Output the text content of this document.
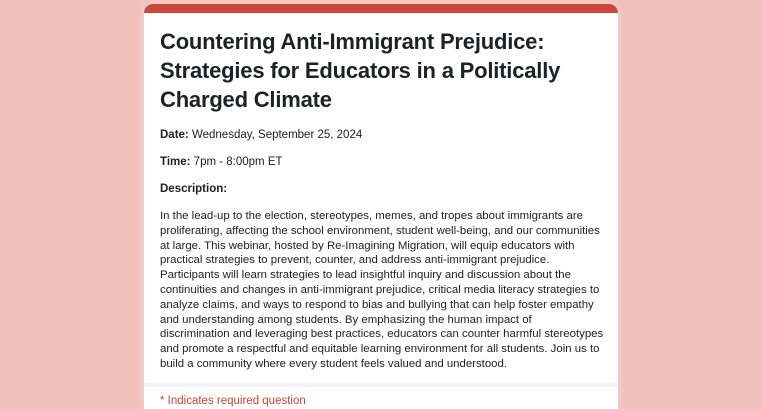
Countering Anti-Immigrant Prejudice: Strategies for Educators in a Politically Charged Climate

Date: Wednesday, September 25, 2024

Time: 7pm - 8:00pm ET

Description:

In the lead-up to the election, stereotypes, memes, and tropes about immigrants are proliferating, affecting the school environment, student well-being, and our communities at large. This webinar, hosted by Re-Imagining Migration, will equip educators with practical strategies to prevent, counter, and address anti-immigrant prejudice. Participants will learn strategies to lead insightful inquiry and discussion about the continuities and changes in anti-immigrant prejudice, critical media literacy strategies to analyze claims, and ways to respond to bias and bullying that can help foster empathy and understanding among students. By emphasizing the human impact of discrimination and leveraging best practices, educators can counter harmful stereotypes and promote a respectful and equitable learning environment for all students. Join us to build a community where every student feels valued and understood.

* Indicates required question
